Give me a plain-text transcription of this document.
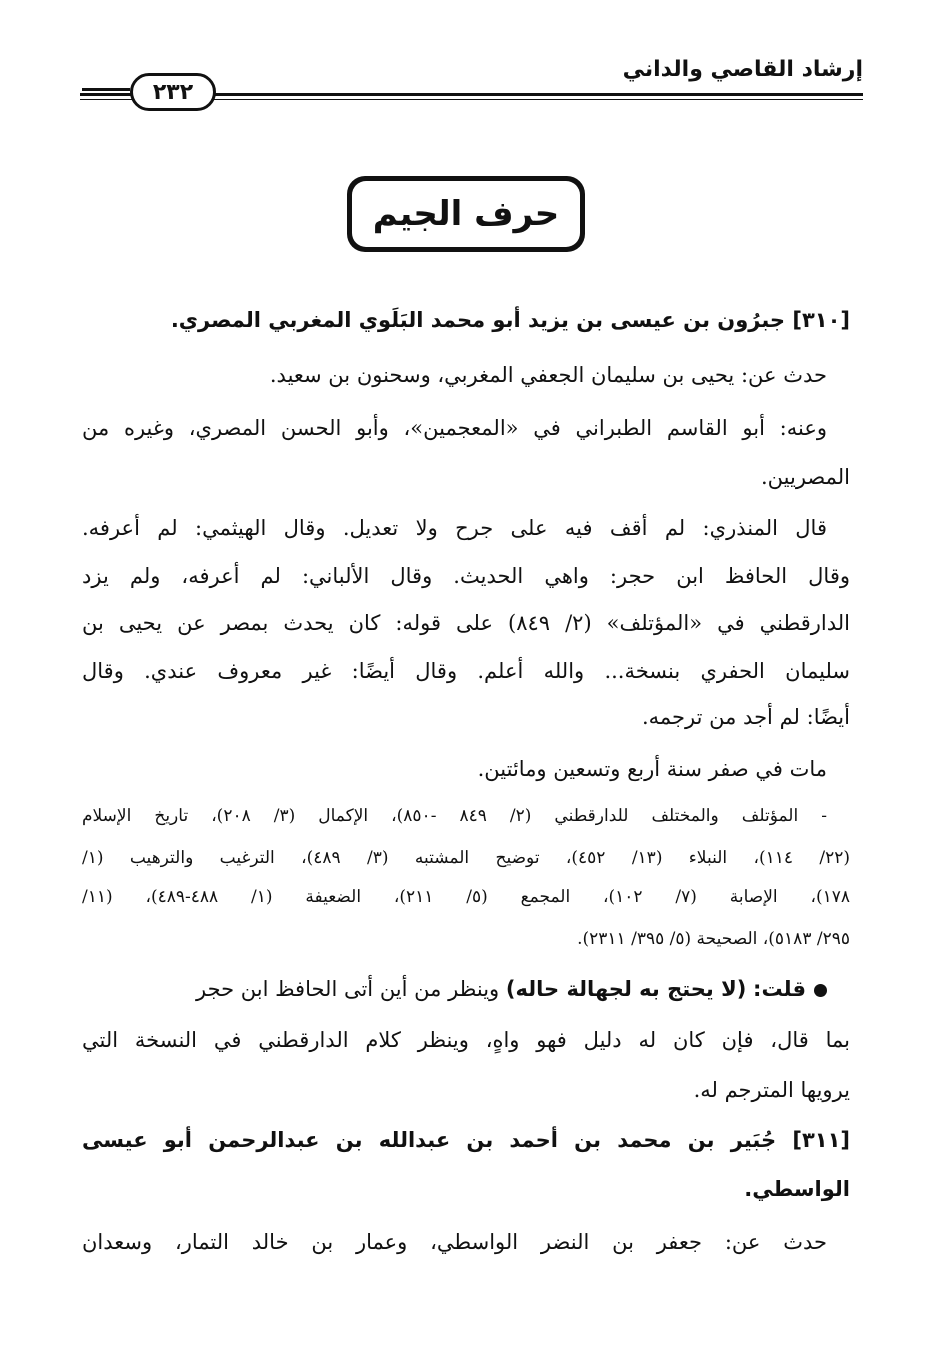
إرشاد القاصي والداني
٢٣٢
حرف الجيم
[٣١٠] جبرُون بن عيسى بن يزيد أبو محمد البَلَوي المغربي المصري.
حدث عن: يحيى بن سليمان الجعفي المغربي، وسحنون بن سعيد.
وعنه: أبو القاسم الطبراني في «المعجمين»، وأبو الحسن المصري، وغيره من
المصريين.
قال المنذري: لم أقف فيه على جرح ولا تعديل. وقال الهيثمي: لم أعرفه.
وقال الحافظ ابن حجر: واهي الحديث. وقال الألباني: لم أعرفه، ولم يزد
الدارقطني في «المؤتلف» (٢/ ٨٤٩) على قوله: كان يحدث بمصر عن يحيى بن
سليمان الحفري بنسخة... والله أعلم. وقال أيضًا: غير معروف عندي. وقال
أيضًا: لم أجد من ترجمه.
مات في صفر سنة أربع وتسعين ومائتين.
- المؤتلف والمختلف للدارقطني (٢/ ٨٤٩ -٨٥٠)، الإكمال (٣/ ٢٠٨)، تاريخ الإسلام
(٢٢/ ١١٤)، النبلاء (١٣/ ٤٥٢)، توضيح المشتبه (٣/ ٤٨٩)، الترغيب والترهيب (١/
١٧٨)، الإصابة (٧/ ١٠٢)، المجمع (٥/ ٢١١)، الضعيفة (١/ ٤٨٨-٤٨٩)، (١١/
٢٩٥/ ٥١٨٣)، الصحيحة (٥/ ٣٩٥/ ٢٣١١).
قلت: (لا يحتج به لجهالة حاله) وينظر من أين أتى الحافظ ابن حجر
بما قال، فإن كان له دليل فهو واهٍ، وينظر كلام الدارقطني في النسخة التي
يرويها المترجم له.
[٣١١] جُبَير بن محمد بن أحمد بن عبدالله بن عبدالرحمن أبو عيسى
الواسطي.
حدث عن: جعفر بن النضر الواسطي، وعمار بن خالد التمار، وسعدان
